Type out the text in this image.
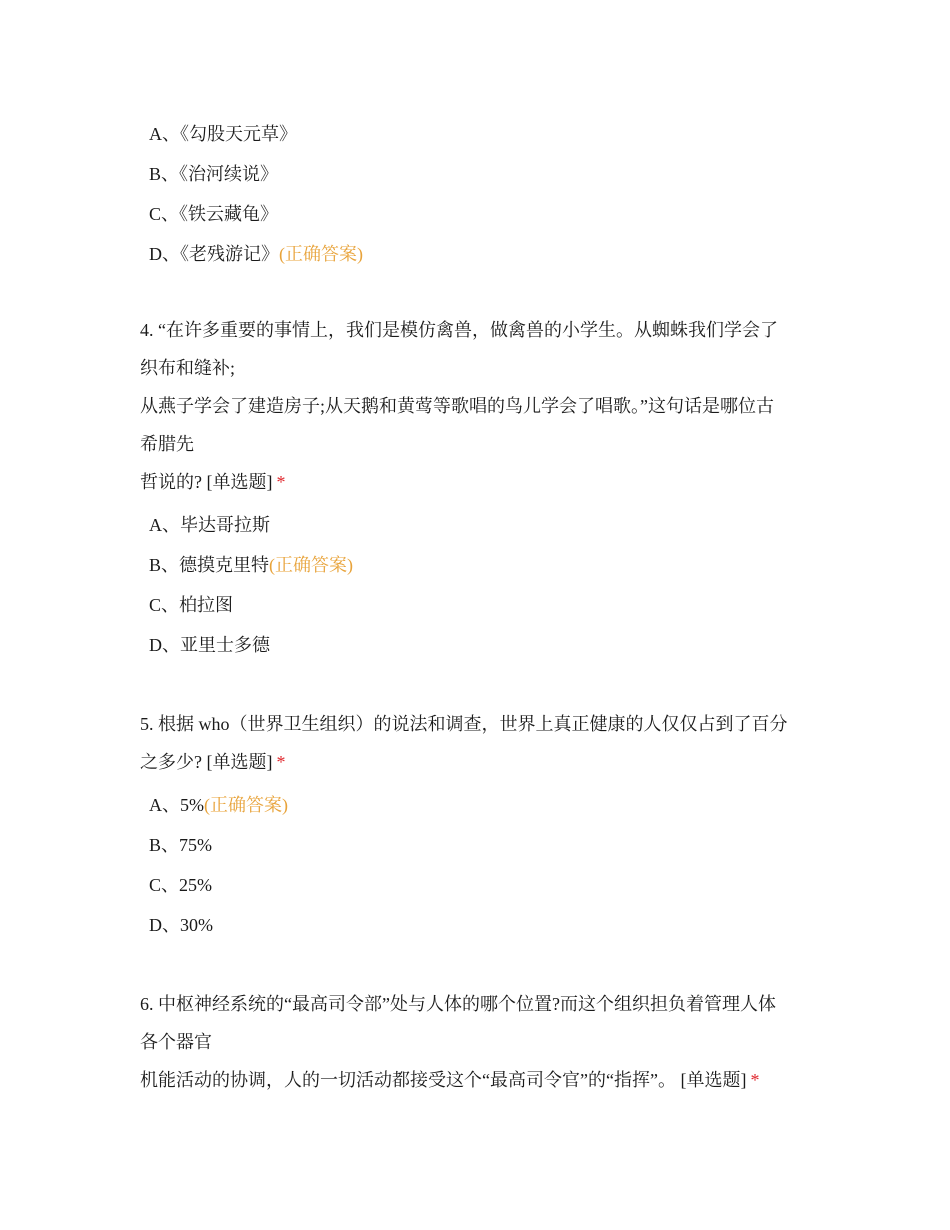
A、《勾股天元草》
B、《治河续说》
C、《铁云藏龟》
D、《老残游记》(正确答案)
4. “在许多重要的事情上，我们是模仿禽兽，做禽兽的小学生。从蜘蛛我们学会了
织布和缝补;
从燕子学会了建造房子;从天鹅和黄莺等歌唱的鸟儿学会了唱歌。”这句话是哪位古
希腊先
哲说的? [单选题] *
A、毕达哥拉斯
B、德摸克里特(正确答案)
C、柏拉图
D、亚里士多德
5. 根据 who（世界卫生组织）的说法和调查，世界上真正健康的人仅仅占到了百分
之多少? [单选题] *
A、5%(正确答案)
B、75%
C、25%
D、30%
6. 中枢神经系统的“最高司令部”处与人体的哪个位置?而这个组织担负着管理人体
各个器官
机能活动的协调，人的一切活动都接受这个“最高司令官”的“指挥”。 [单选题] *
